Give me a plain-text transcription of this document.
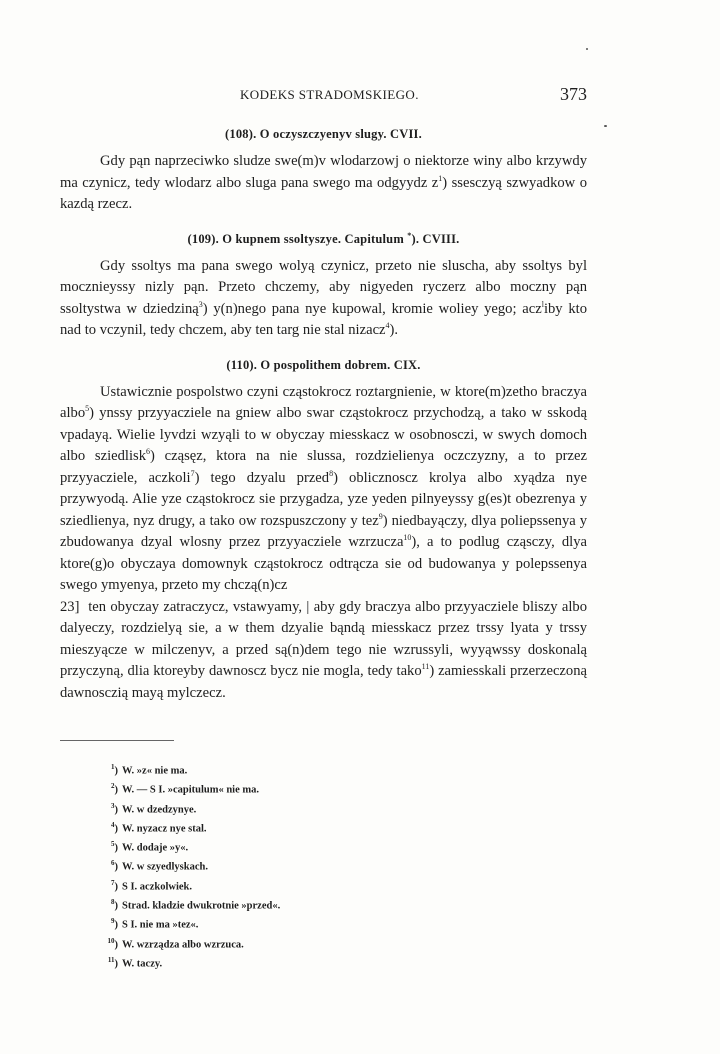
KODEKS STRADOMSKIEGO.	373

(108). O oczyszczyenyv slugy. CVII.

Gdy pąn naprzeciwko sludze swe(m)v wlodarzowj o niektorze winy albo krzywdy ma czynicz, tedy wlodarz albo sluga pana swego ma odgyydz $z^1$) ssesczyą szwyadkow o kazdą rzecz.

(109). O kupnem ssoltyszye. Capitulum *). CVIII.

Gdy ssoltys ma pana swego wolyą czynicz, przeto nie sluscha, aby ssoltys byl mocznieyssy nizly pąn. Przeto chczemy, aby nigyeden ryczerz albo moczny pąn ssoltystwa w dziedziną$^3$) y(n)nego pana nye kupowal, kromie woliey yego; acz$^l$iby kto nad to vczynil, tedy chczem, aby ten targ nie stal nizacz$^4$).

(110). O pospolithem dobrem. CIX.

Ustawicznie pospolstwo czyni cząstokrocz roztargnienie, w ktore(m)zetho braczya albo$^5$) ynssy przyyacziele na gniew albo swar cząstokrocz przychodzą, a tako w sskodą vpadayą. Wielie lyvdzi wzyąli to w obyczay miesskacz w osobnosczi, w swych domoch albo sziedlisk$^6$) cząsęz, ktora na nie slussa, rozdzielienya oczczyzny, a to przez przyyacziele, aczkoli$^7$) tego dzyalu przed$^8$) oblicznoscz krolya albo xyądza nye przywyodą. Alie yze cząstokrocz sie przygadza, yze yeden pilnyeyssy g(es)t obezrenya y sziedlienya, nyz drugy, a tako ow rozspuszczony y tez$^9$) niedbayączy, dlya poliepssenya y zbudowanya dzyal wlosny przez przyyacziele wzrzucza$^{10}$), a to podlug cząsczy, dlya ktore(g)o obyczaya domownyk cząstokrocz odtrącza sie od budowanya y polepssenya swego ymyenya, przeto my chczą(n)cz

23] ten obyczay zatraczycz, vstawyamy, | aby gdy braczya albo przyyacziele bliszy albo dalyeczy, rozdzielyą sie, a w them dzyalie bąndą miesskacz przez trssy lyata y trssy mieszyącze w milczenyv, a przed są(n)dem tego nie wzrussyli, wyyąwssy doskonalą przyczyną, dlia ktoreyby dawnoscz bycz nie mogla, tedy tako$^{11}$) zamiesskali przerzeczoną dawnosczią mayą mylczecz.

$^1$) W. »z« nie ma.
$^2$) W. — S I. »capitulum« nie ma.
$^3$) W. w dzedzynye.
$^4$) W. nyzacz nye stal.
$^5$) W. dodaje »y«.
$^6$) W. w szyedlyskach.
$^7$) S I. aczkolwiek.
$^8$) Strad. kladzie dwukrotnie »przed«.
$^9$) S I. nie ma »tez«.
$^{10}$) W. wzrządza albo wzrzuca.
$^{11}$) W. taczy.
